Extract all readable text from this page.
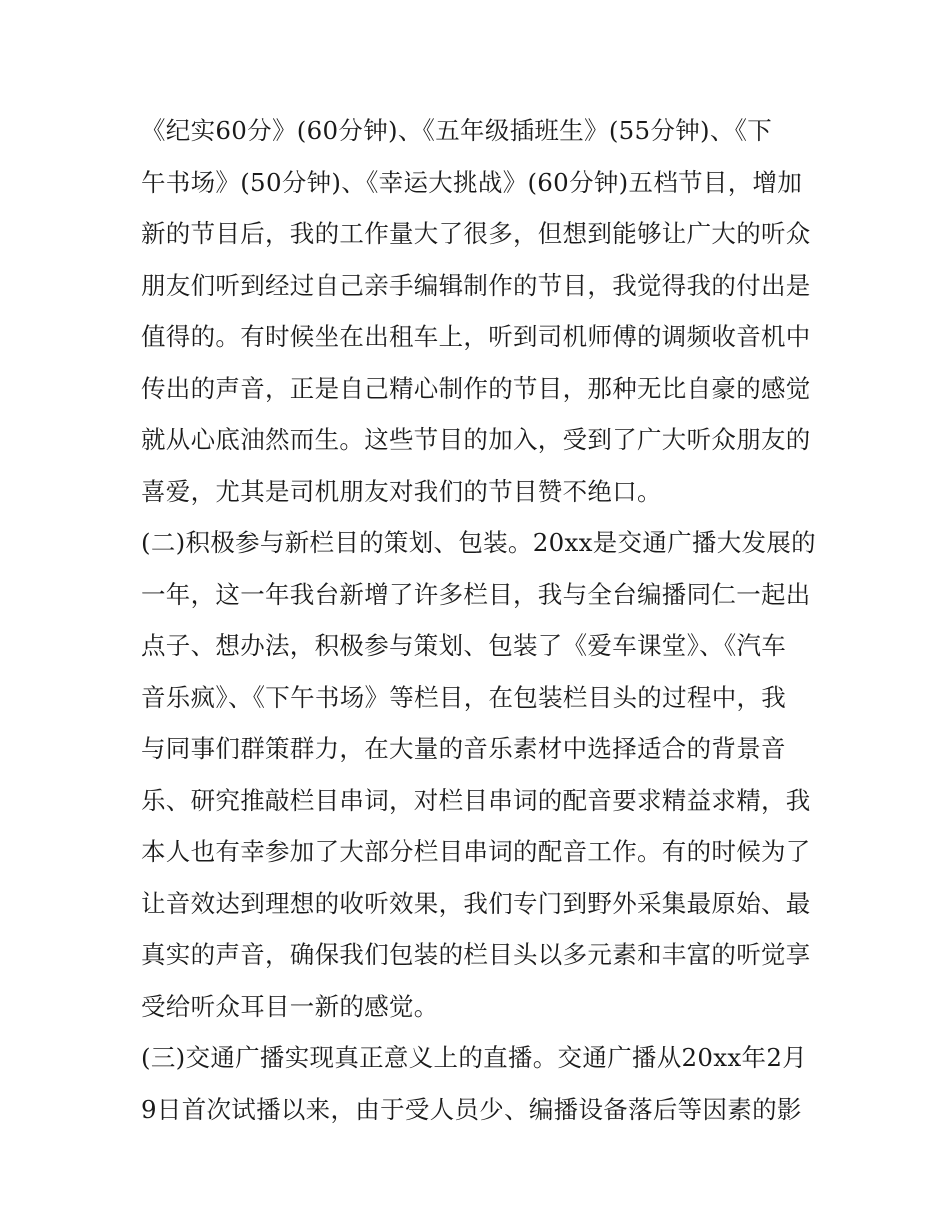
《纪实60分》(60分钟)、《五年级插班生》(55分钟)、《下
午书场》(50分钟)、《幸运大挑战》(60分钟)五档节目，增加
新的节目后，我的工作量大了很多，但想到能够让广大的听众
朋友们听到经过自己亲手编辑制作的节目，我觉得我的付出是
值得的。有时候坐在出租车上，听到司机师傅的调频收音机中
传出的声音，正是自己精心制作的节目，那种无比自豪的感觉
就从心底油然而生。这些节目的加入，受到了广大听众朋友的
喜爱，尤其是司机朋友对我们的节目赞不绝口。
(二)积极参与新栏目的策划、包装。20xx是交通广播大发展的
一年，这一年我台新增了许多栏目，我与全台编播同仁一起出
点子、想办法，积极参与策划、包装了《爱车课堂》、《汽车
音乐疯》、《下午书场》等栏目，在包装栏目头的过程中，我
与同事们群策群力，在大量的音乐素材中选择适合的背景音
乐、研究推敲栏目串词，对栏目串词的配音要求精益求精，我
本人也有幸参加了大部分栏目串词的配音工作。有的时候为了
让音效达到理想的收听效果，我们专门到野外采集最原始、最
真实的声音，确保我们包装的栏目头以多元素和丰富的听觉享
受给听众耳目一新的感觉。
(三)交通广播实现真正意义上的直播。交通广播从20xx年2月
9日首次试播以来，由于受人员少、编播设备落后等因素的影
